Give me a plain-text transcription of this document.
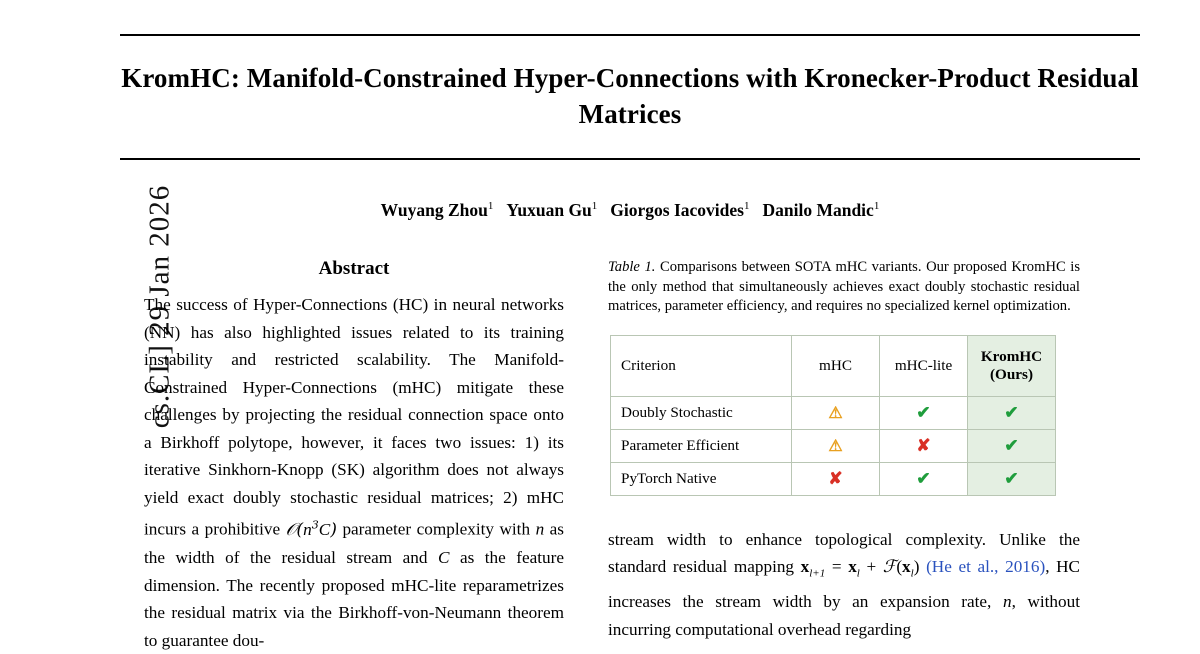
cs.CL] 29 Jan 2026
KromHC: Manifold-Constrained Hyper-Connections with Kronecker-Product Residual Matrices
Wuyang Zhou$^1$ Yuxuan Gu$^1$ Giorgos Iacovides$^1$ Danilo Mandic$^1$
Abstract

The success of Hyper-Connections (HC) in neural networks (NN) has also highlighted issues related to its training instability and restricted scalability. The Manifold-Constrained Hyper-Connections (mHC) mitigate these challenges by projecting the residual connection space onto a Birkhoff polytope, however, it faces two issues: 1) its iterative Sinkhorn-Knopp (SK) algorithm does not always yield exact doubly stochastic residual matrices; 2) mHC incurs a prohibitive $𝒪(n^3C)$ parameter complexity with n as the width of the residual stream and C as the feature dimension. The recently proposed mHC-lite reparametrizes the residual matrix via the Birkhoff-von-Neumann theorem to guarantee dou-

Table 1. Comparisons between SOTA mHC variants. Our proposed KromHC is the only method that simultaneously achieves exact doubly stochastic residual matrices, parameter efficiency, and requires no specialized kernel optimization.

Criterion	mHC	mHC-lite	KromHC
(Ours)

Doubly Stochastic	⚠	✔	✔
Parameter Efficient	⚠	✘	✔
PyTorch Native	✘	✔	✔

stream width to enhance topological complexity. Unlike the standard residual mapping $x_{l+1} = x_l$ + $ℱ(x_l)$ (He et al., 2016), HC increases the stream width by an expansion rate, n, without incurring computational overhead regarding
